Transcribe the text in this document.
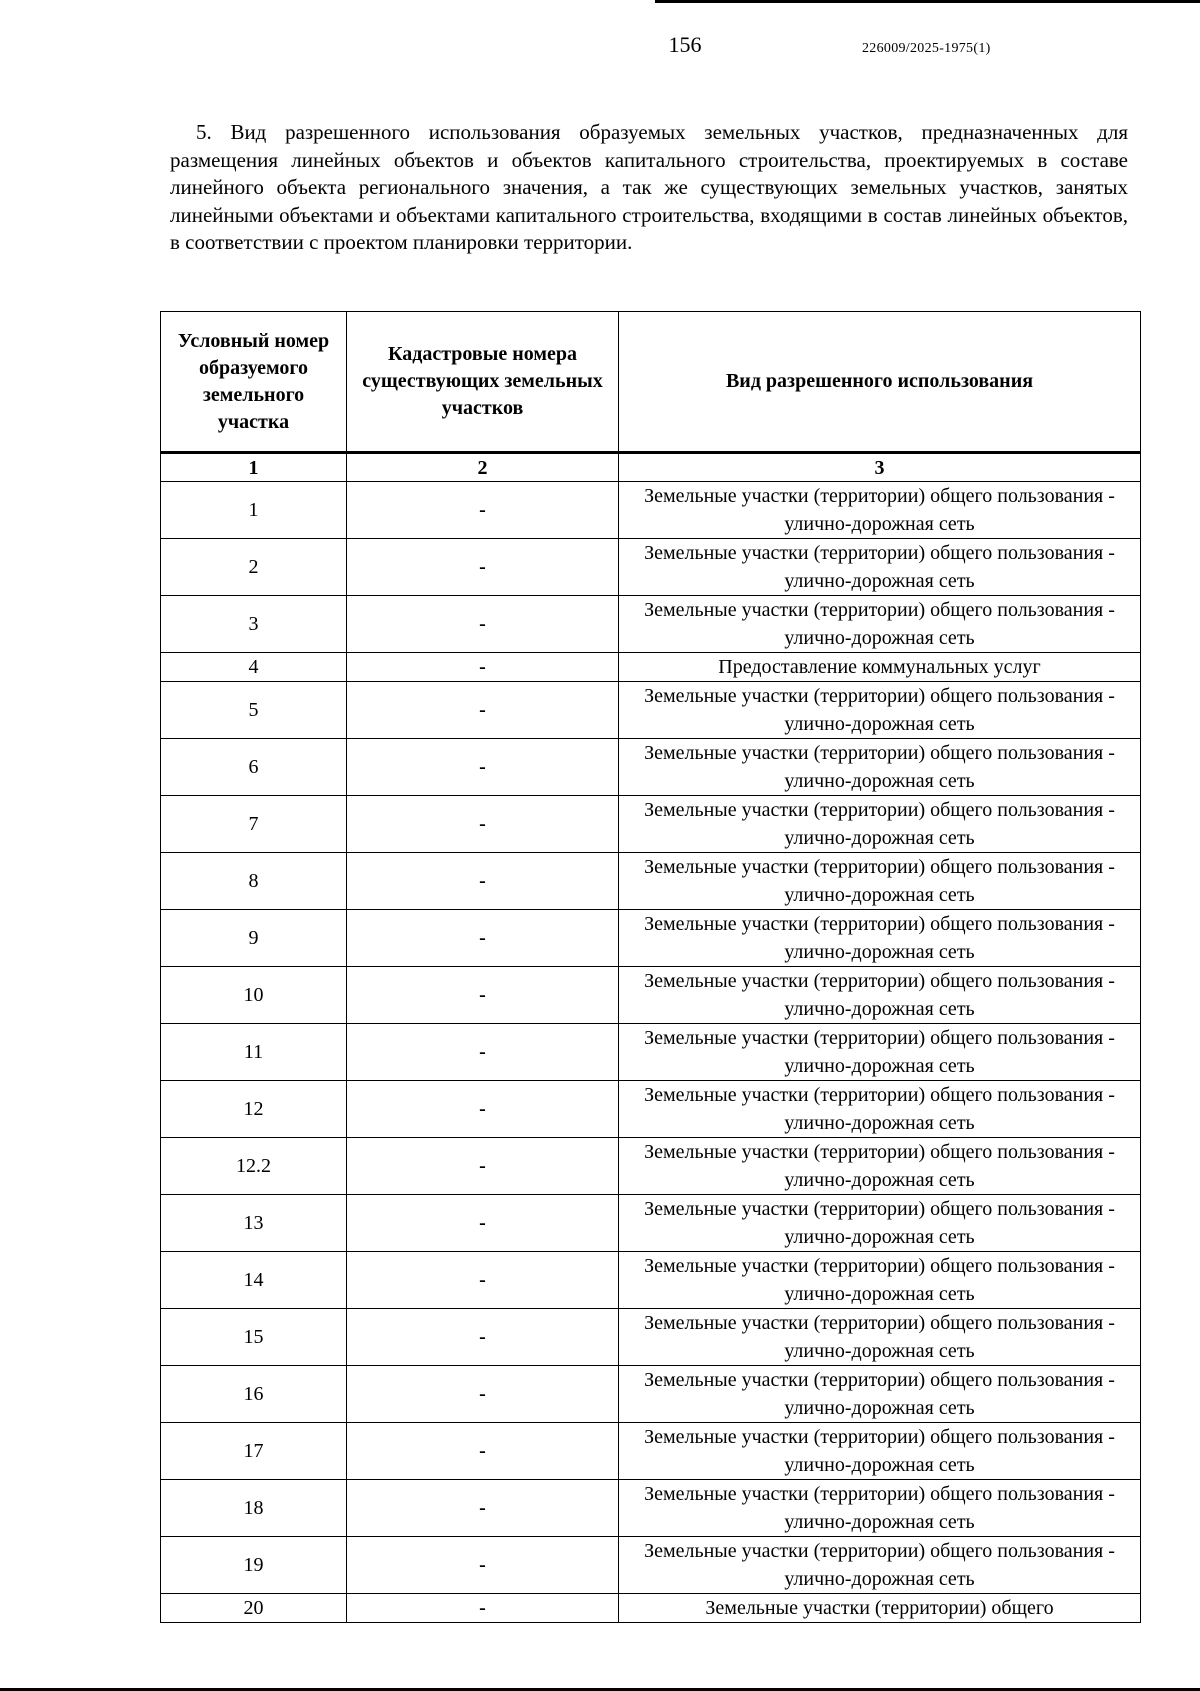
156	226009/2025-1975(1)

5. Вид разрешенного использования образуемых земельных участков, предназначенных для размещения линейных объектов и объектов капитального строительства, проектируемых в составе линейного объекта регионального значения, а так же существующих земельных участков, занятых линейными объектами и объектами капитального строительства, входящими в состав линейных объектов, в соответствии с проектом планировки территории.

Условный номер образуемого земельного участка	Кадастровые номера существующих земельных участков	Вид разрешенного использования
1	2	3
1	-	Земельные участки (территории) общего пользования - улично-дорожная сеть
2	-	Земельные участки (территории) общего пользования - улично-дорожная сеть
3	-	Земельные участки (территории) общего пользования - улично-дорожная сеть
4	-	Предоставление коммунальных услуг
5	-	Земельные участки (территории) общего пользования - улично-дорожная сеть
6	-	Земельные участки (территории) общего пользования - улично-дорожная сеть
7	-	Земельные участки (территории) общего пользования - улично-дорожная сеть
8	-	Земельные участки (территории) общего пользования - улично-дорожная сеть
9	-	Земельные участки (территории) общего пользования - улично-дорожная сеть
10	-	Земельные участки (территории) общего пользования - улично-дорожная сеть
11	-	Земельные участки (территории) общего пользования - улично-дорожная сеть
12	-	Земельные участки (территории) общего пользования - улично-дорожная сеть
12.2	-	Земельные участки (территории) общего пользования - улично-дорожная сеть
13	-	Земельные участки (территории) общего пользования - улично-дорожная сеть
14	-	Земельные участки (территории) общего пользования - улично-дорожная сеть
15	-	Земельные участки (территории) общего пользования - улично-дорожная сеть
16	-	Земельные участки (территории) общего пользования - улично-дорожная сеть
17	-	Земельные участки (территории) общего пользования - улично-дорожная сеть
18	-	Земельные участки (территории) общего пользования - улично-дорожная сеть
19	-	Земельные участки (территории) общего пользования - улично-дорожная сеть
20	-	Земельные участки (территории) общего
